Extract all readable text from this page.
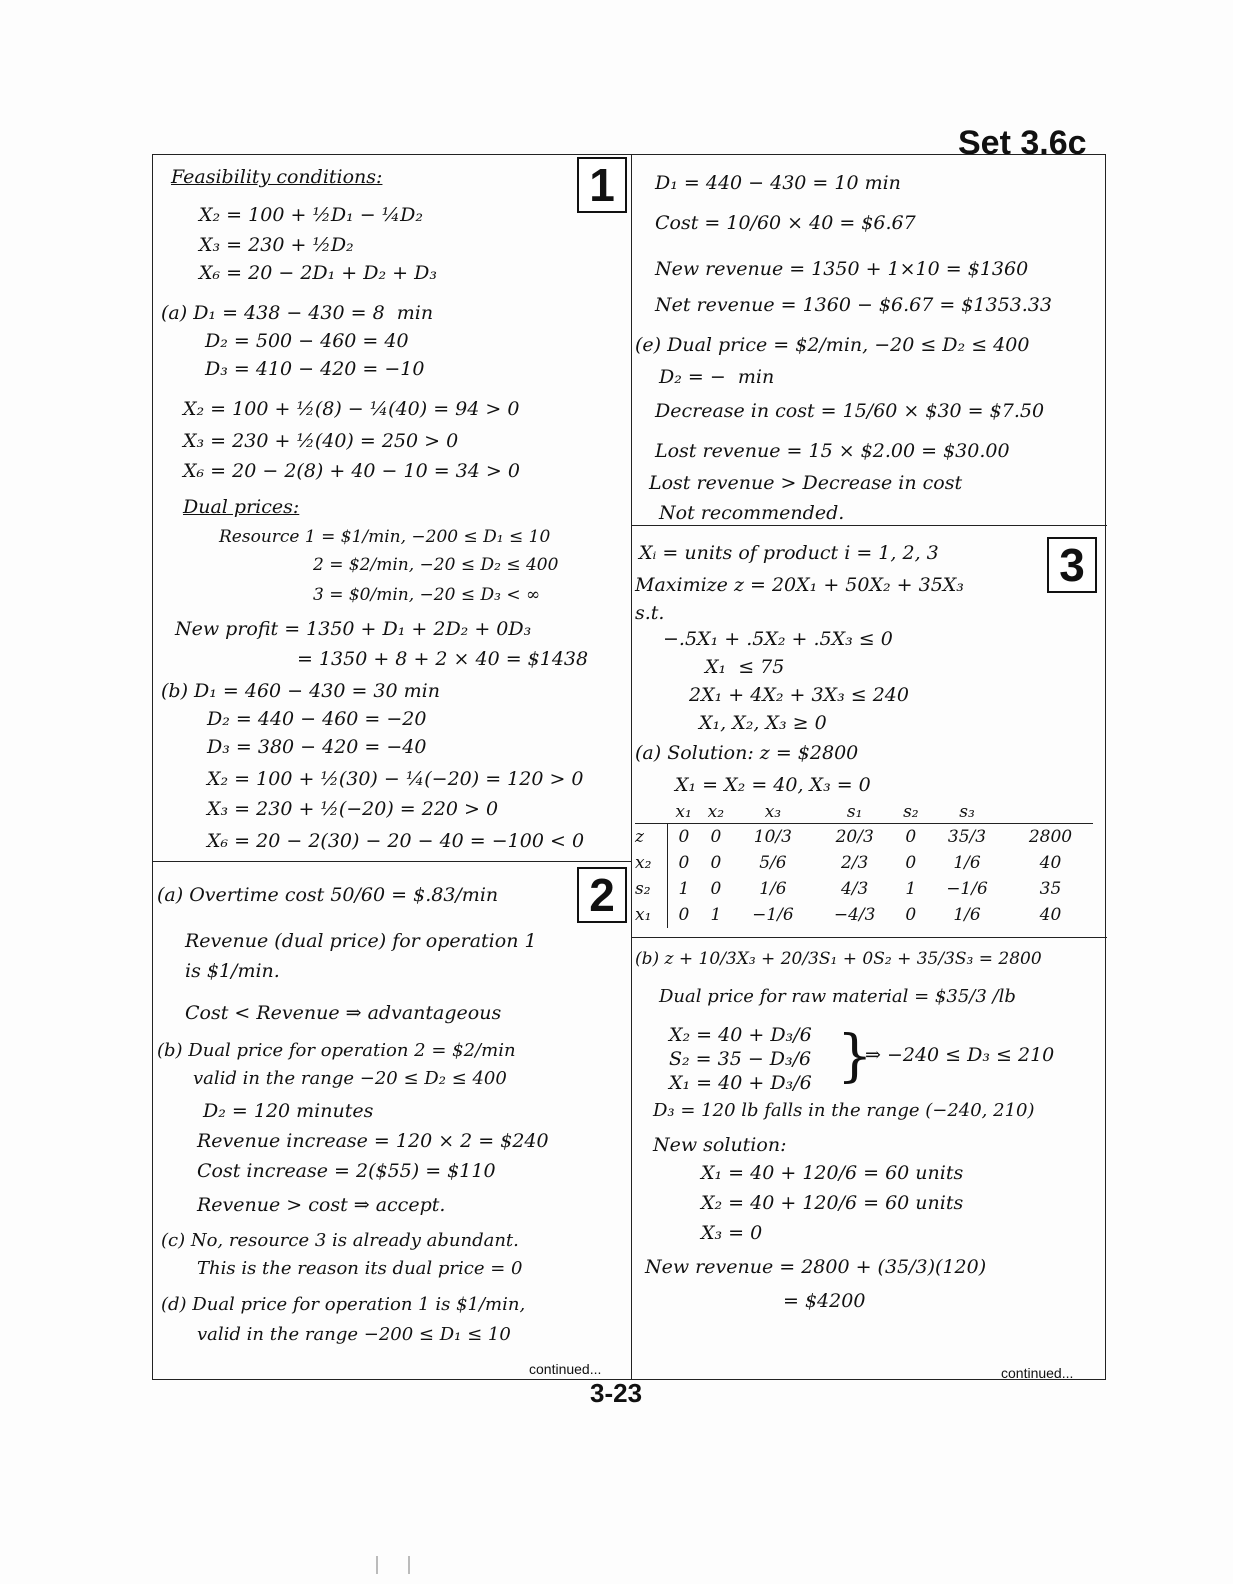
Set 3.6c
1
2
3
Feasibility conditions:
X₂ = 100 + ½D₁ − ¼D₂
X₃ = 230 + ½D₂
X₆ = 20 − 2D₁ + D₂ + D₃
(a) D₁ = 438 − 430 = 8  min
D₂ = 500 − 460 = 40
D₃ = 410 − 420 = −10
X₂ = 100 + ½(8) − ¼(40) = 94 > 0
X₃ = 230 + ½(40) = 250 > 0
X₆ = 20 − 2(8) + 40 − 10 = 34 > 0
Dual prices:
Resource 1 = $1/min, −200 ≤ D₁ ≤ 10
2 = $2/min, −20 ≤ D₂ ≤ 400
3 = $0/min, −20 ≤ D₃ < ∞
New profit = 1350 + D₁ + 2D₂ + 0D₃
= 1350 + 8 + 2 × 40 = $1438
(b) D₁ = 460 − 430 = 30 min
D₂ = 440 − 460 = −20
D₃ = 380 − 420 = −40
X₂ = 100 + ½(30) − ¼(−20) = 120 > 0
X₃ = 230 + ½(−20) = 220 > 0
X₆ = 20 − 2(30) − 20 − 40 = −100 < 0
(a) Overtime cost 50/60 = $.83/min
Revenue (dual price) for operation 1
is $1/min.
Cost < Revenue ⇒ advantageous
(b) Dual price for operation 2 = $2/min
valid in the range −20 ≤ D₂ ≤ 400
D₂ = 120 minutes
Revenue increase = 120 × 2 = $240
Cost increase = 2($55) = $110
Revenue > cost ⇒ accept.
(c) No, resource 3 is already abundant.
This is the reason its dual price = 0
(d) Dual price for operation 1 is $1/min,
valid in the range −200 ≤ D₁ ≤ 10
continued...
D₁ = 440 − 430 = 10 min
Cost = 10/60 × 40 = $6.67
New revenue = 1350 + 1×10 = $1360
Net revenue = 1360 − $6.67 = $1353.33
(e) Dual price = $2/min, −20 ≤ D₂ ≤ 400
D₂ = −  min
Decrease in cost = 15/60 × $30 = $7.50
Lost revenue = 15 × $2.00 = $30.00
Lost revenue > Decrease in cost
Not recommended.
Xᵢ = units of product i = 1, 2, 3
Maximize z = 20X₁ + 50X₂ + 35X₃
s.t.
−.5X₁ + .5X₂ + .5X₃ ≤ 0
X₁  ≤ 75
2X₁ + 4X₂ + 3X₃ ≤ 240
X₁, X₂, X₃ ≥ 0
(a) Solution: z = $2800
X₁ = X₂ = 40, X₃ = 0
	x₁	x₂	x₃	s₁	s₂	s₃	
z	0	0	10/3	20/3	0	35/3	2800
x₂	0	0	5/6	2/3	0	1/6	40
s₂	1	0	1/6	4/3	1	−1/6	35
x₁	0	1	−1/6	−4/3	0	1/6	40
(b) z + 10/3X₃ + 20/3S₁ + 0S₂ + 35/3S₃ = 2800
Dual price for raw material = $35/3 /lb
X₂ = 40 + D₃/6
S₂ = 35 − D₃/6
X₁ = 40 + D₃/6 }
⇒ −240 ≤ D₃ ≤ 210
D₃ = 120 lb falls in the range (−240, 210)
New solution:
X₁ = 40 + 120/6 = 60 units
X₂ = 40 + 120/6 = 60 units
X₃ = 0
New revenue = 2800 + (35/3)(120)
= $4200
continued...
3-23
